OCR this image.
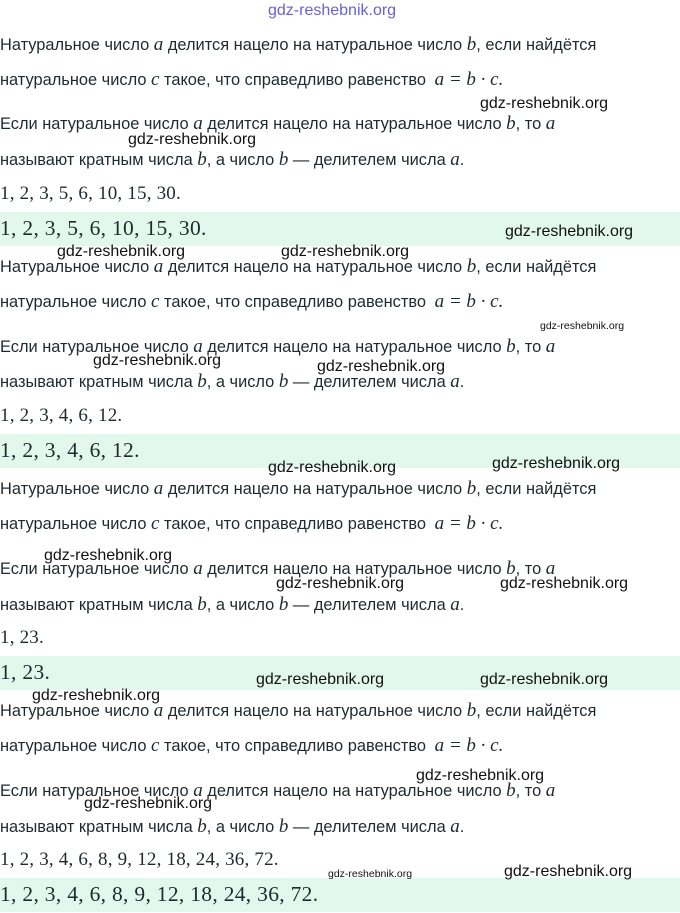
gdz-reshebnik.org
Натуральное число a делится нацело на натуральное число b, если найдётся
натуральное число c такое, что справедливо равенство a = b · c.
Если натуральное число a делится нацело на натуральное число b, то a
называют кратным числа b, а число b — делителем числа a.
1, 2, 3, 5, 6, 10, 15, 30.
1, 2, 3, 5, 6, 10, 15, 30.
Натуральное число a делится нацело на натуральное число b, если найдётся
натуральное число c такое, что справедливо равенство a = b · c.
Если натуральное число a делится нацело на натуральное число b, то a
называют кратным числа b, а число b — делителем числа a.
1, 2, 3, 4, 6, 12.
1, 2, 3, 4, 6, 12.
Натуральное число a делится нацело на натуральное число b, если найдётся
натуральное число c такое, что справедливо равенство a = b · c.
Если натуральное число a делится нацело на натуральное число b, то a
называют кратным числа b, а число b — делителем числа a.
1, 23.
1, 23.
Натуральное число a делится нацело на натуральное число b, если найдётся
натуральное число c такое, что справедливо равенство a = b · c.
Если натуральное число a делится нацело на натуральное число b, то a
называют кратным числа b, а число b — делителем числа a.
1, 2, 3, 4, 6, 8, 9, 12, 18, 24, 36, 72.
1, 2, 3, 4, 6, 8, 9, 12, 18, 24, 36, 72.
gdz-reshebnik.org
gdz-reshebnik.org
gdz-reshebnik.org
gdz-reshebnik.org	gdz-reshebnik.org
gdz-reshebnik.org
gdz-reshebnik.org	gdz-reshebnik.org
gdz-reshebnik.org	gdz-reshebnik.org
gdz-reshebnik.org
gdz-reshebnik.org	gdz-reshebnik.org
gdz-reshebnik.org	gdz-reshebnik.org
gdz-reshebnik.org
gdz-reshebnik.org
gdz-reshebnik.org
gdz-reshebnik.org	gdz-reshebnik.org
